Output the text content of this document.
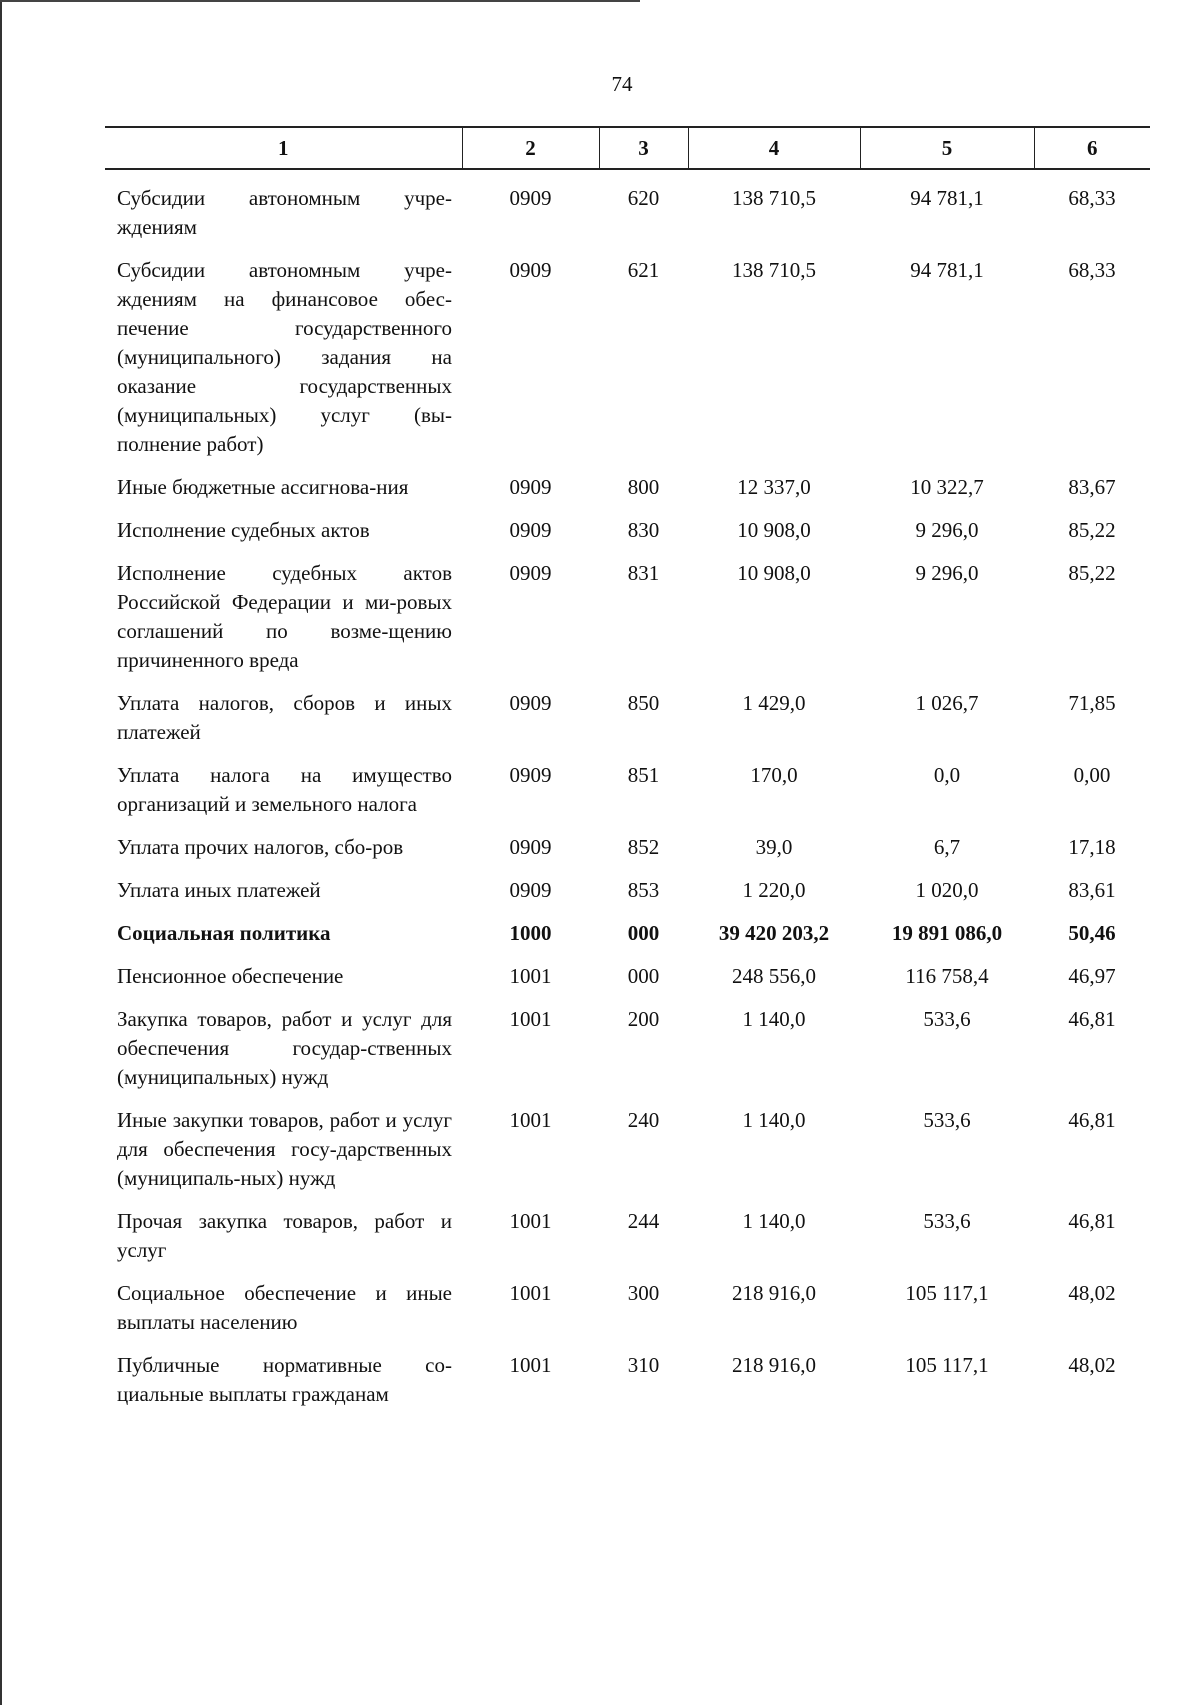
74
1	2	3	4	5	6
Субсидии автономным учре-ждениям	0909	620	138 710,5	94 781,1	68,33
Субсидии автономным учре-ждениям на финансовое обес-печение государственного (муниципального) задания на оказание государственных (муниципальных) услуг (вы-полнение работ)	0909	621	138 710,5	94 781,1	68,33
Иные бюджетные ассигнова-ния	0909	800	12 337,0	10 322,7	83,67
Исполнение судебных актов	0909	830	10 908,0	9 296,0	85,22
Исполнение судебных актов Российской Федерации и ми-ровых соглашений по возме-щению причиненного вреда	0909	831	10 908,0	9 296,0	85,22
Уплата налогов, сборов и иных платежей	0909	850	1 429,0	1 026,7	71,85
Уплата налога на имущество организаций и земельного налога	0909	851	170,0	0,0	0,00
Уплата прочих налогов, сбо-ров	0909	852	39,0	6,7	17,18
Уплата иных платежей	0909	853	1 220,0	1 020,0	83,61
Социальная политика	1000	000	39 420 203,2	19 891 086,0	50,46
Пенсионное обеспечение	1001	000	248 556,0	116 758,4	46,97
Закупка товаров, работ и услуг для обеспечения государ-ственных (муниципальных) нужд	1001	200	1 140,0	533,6	46,81
Иные закупки товаров, работ и услуг для обеспечения госу-дарственных (муниципаль-ных) нужд	1001	240	1 140,0	533,6	46,81
Прочая закупка товаров, работ и услуг	1001	244	1 140,0	533,6	46,81
Социальное обеспечение и иные выплаты населению	1001	300	218 916,0	105 117,1	48,02
Публичные нормативные со-циальные выплаты гражданам	1001	310	218 916,0	105 117,1	48,02
